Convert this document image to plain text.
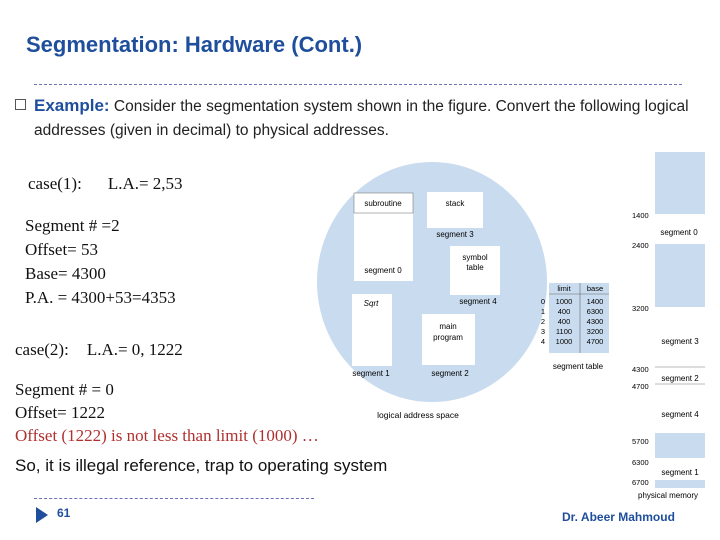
Segmentation: Hardware (Cont.)
Example: Consider the segmentation system shown in the figure. Convert the following logical addresses (given in decimal) to physical addresses.
case(1): L.A.= 2,53
Segment # =2
Offset= 53
Base= 4300
P.A. = 4300+53=4353
case(2): L.A.= 0, 1222
Segment # = 0
Offset= 1222
Offset (1222) is not less than limit (1000) …
So, it is illegal reference, trap to operating system
subroutine
segment 0
stack
segment 3
symbol
table
segment 4
Sqrt
segment 1
main
program
segment 2
logical address space
limit base
0 1000 1400
1 400 6300
2 400 4300
3 1100 3200
4 1000 4700
segment table
segment 0
segment 3
segment 2
segment 4
segment 1
1400
2400
3200
4300
4700
5700
6300
6700
physical memory
61	Dr. Abeer Mahmoud
